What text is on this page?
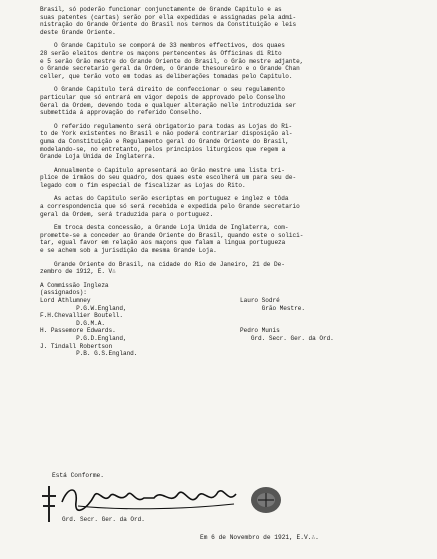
Brasil, só poderão funcionar conjunctamente de Grande Capitulo e as
suas patentes (cartas) serão por ella expedidas e assignadas pela admi-
nistração do Grande Oriente do Brasil nos termos da Constituição e leis
deste Grande Oriente.
O Grande Capitulo se comporá de 33 membros effectivos, dos quaes
28 serão eleitos dentre os maçons pertencentes ás Officinas di Rito
e 5 serão Grão mestre do Grande Oriente do Brasil, o Grão mestre adjante,
o Grande secretario geral da Ordem, o Grande thesoureiro e o Grande Chan
celler, que terão voto em todas as deliberações tomadas pelo Capitulo.
O Grande Capitulo terá direito de confeccionar o seu regulamento
particular que só entrará em vigor depois de approvado pelo Conselho
Geral da Ordem, devendo toda e qualquer alteração nelle introduzida ser
submettida á approvação do referido Conselho.
O referido regulamento será obrigatorio para todas as Lojas do Ri-
to de York existentes no Brasil e não poderá contrariar disposição al-
guma da Constituição e Regulamento geral do Grande Oriente do Brasil,
modelando-se, no entretanto, pelos principios liturgicos que regem a
Grande Loja Unida de Inglaterra.
Annualmente o Capitulo apresentará ao Grão mestre uma lista tri-
plice de irmãos do seu quadro, dos quaes este escolherá um para seu de-
legado com o fim especial de fiscalizar as Lojas do Rito.
As actas do Capitulo serão escriptas em portuguez e inglez e tôda
a correspondencia que só será recebida e expedida pelo Grande secretario
geral da Ordem, será traduzida para o portuguez.
Em troca desta concessão, a Grande Loja Unida de Inglaterra, com-
promette-se a conceder ao Grande Oriente do Brasil, quando este o solici-
tar, egual favor em relação aos maçons que falam a lingua portugueza
e se achem sob a jurisdição da mesma Grande Loja.
Grande Oriente do Brasil, na cidade do Rio de Janeiro, 21 de De-
zembro de 1912, E. V∴
A Commissão Ingleza
(assignados):
Lord Athlumney
P.G.W.England,
F.H.Chevallier Boutell.
D.G.M.A.
H. Passemore Edwards.
P.G.D.England,
J. Tindall Robertson
P.B. G.S.England.

Lauro Sodré
Grão Mestre.

Pedro Munis
Grd. Secr. Ger. da Ord.

Está Conforme.
Grd. Secr. Ger. da Ord.
Em 6 de Novembro de 1921, E.V.∴.
